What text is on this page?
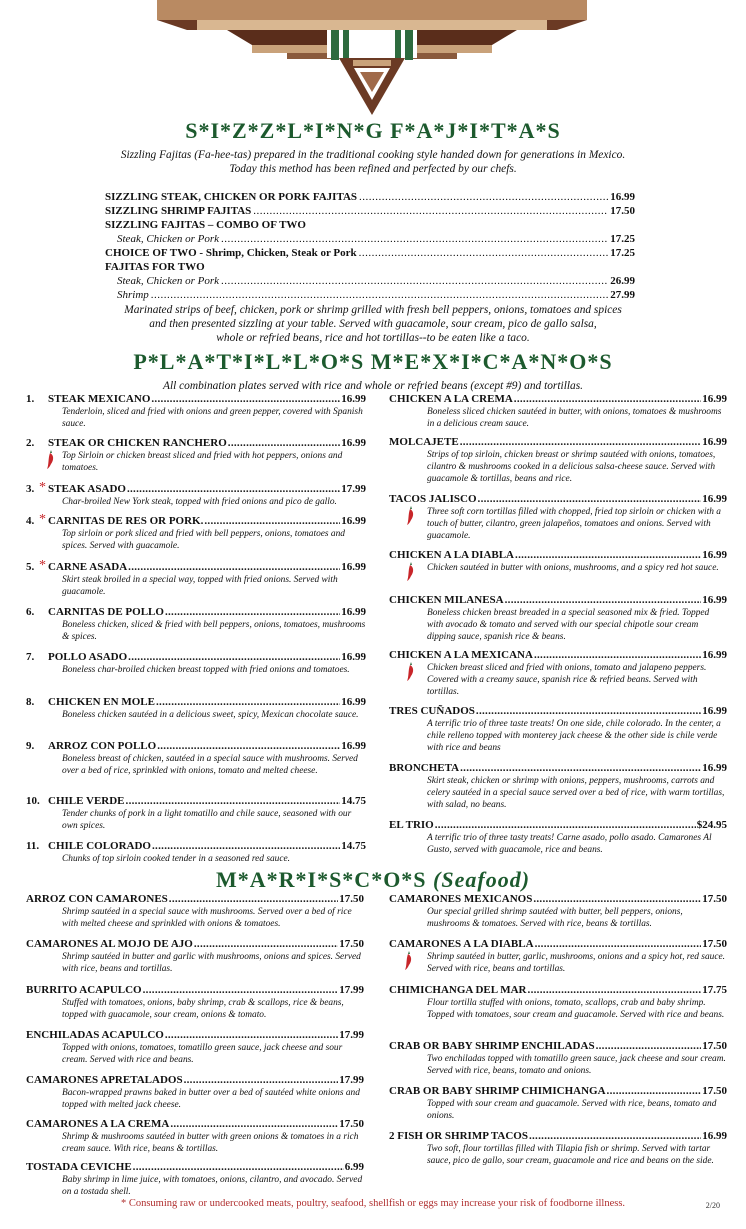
S*I*Z*Z*L*I*N*G F*A*J*I*T*A*S
Sizzling Fajitas (Fa-hee-tas) prepared in the traditional cooking style handed down for generations in Mexico.
Today this method has been refined and perfected by our chefs.
SIZZLING STEAK, CHICKEN OR PORK FAJITAS .....	16.99
SIZZLING SHRIMP FAJITAS .....	17.50
SIZZLING FAJITAS – COMBO OF TWO
Steak, Chicken or Pork .....	17.25
CHOICE OF TWO - Shrimp, Chicken, Steak or Pork .....	17.25
FAJITAS FOR TWO
Steak, Chicken or Pork .....	26.99
Shrimp .....	27.99
Marinated strips of beef, chicken, pork or shrimp grilled with fresh bell peppers, onions, tomatoes and spices
and then presented sizzling at your table. Served with guacamole, sour cream, pico de gallo salsa,
whole or refried beans, rice and hot tortillas--to be eaten like a taco.
P*L*A*T*I*L*L*O*S M*E*X*I*C*A*N*O*S
All combination plates served with rice and whole or refried beans (except #9) and tortillas.
M*A*R*I*S*C*O*S (Seafood)
* Consuming raw or undercooked meats, poultry, seafood, shellfish or eggs may increase your risk of foodborne illness.	2/20
1. STEAK MEXICANO .....	16.99
Tenderloin, sliced and fried with onions and green pepper, covered with Spanish sauce.
2. STEAK OR CHICKEN RANCHERO .....	16.99
Top Sirloin or chicken breast sliced and fried with hot peppers, onions and tomatoes.
3. * STEAK ASADO .....	17.99
Char-broiled New York steak, topped with fried onions and pico de gallo.
4. * CARNITAS DE RES OR PORK. .....	16.99
Top sirloin or pork sliced and fried with bell peppers, onions, tomatoes and spices. Served with guacamole.
5. * CARNE ASADA .....	16.99
Skirt steak broiled in a special way, topped with fried onions. Served with guacamole.
6. CARNITAS DE POLLO .....	16.99
Boneless chicken, sliced & fried with bell peppers, onions, tomatoes, mushrooms & spices.
7. POLLO ASADO .....	16.99
Boneless char-broiled chicken breast topped with fried onions and tomatoes.
8. CHICKEN EN MOLE .....	16.99
Boneless chicken sautéed in a delicious sweet, spicy, Mexican chocolate sauce.
9. ARROZ CON POLLO .....	16.99
Boneless breast of chicken, sautéed in a special sauce with mushrooms. Served over a bed of rice, sprinkled with onions, tomato and melted cheese.
10. CHILE VERDE .....	14.75
Tender chunks of pork in a light tomatillo and chile sauce, seasoned with our own spices.
11. CHILE COLORADO .....	14.75
Chunks of top sirloin cooked tender in a seasoned red sauce.
CHICKEN A LA CREMA .....	16.99
Boneless sliced chicken sautéed in butter, with onions, tomatoes & mushrooms in a delicious cream sauce.
MOLCAJETE .....	16.99
Strips of top sirloin, chicken breast or shrimp sautéed with onions, tomatoes, cilantro & mushrooms cooked in a delicious salsa-cheese sauce. Served with guacamole & tortillas, beans and rice.
TACOS JALISCO .....	16.99
Three soft corn tortillas filled with chopped, fried top sirloin or chicken with a touch of butter, cilantro, green jalapeños, tomatoes and onions. Served with guacamole.
CHICKEN A LA DIABLA .....	16.99
Chicken sautéed in butter with onions, mushrooms, and a spicy red hot sauce.
CHICKEN MILANESA .....	16.99
Boneless chicken breast breaded in a special seasoned mix & fried. Topped with avocado & tomato and served with our special chipotle sour cream dipping sauce, spanish rice & beans.
CHICKEN A LA MEXICANA .....	16.99
Chicken breast sliced and fried with onions, tomato and jalapeno peppers. Covered with a creamy sauce, spanish rice & refried beans. Served with tortillas.
TRES CUÑADOS .....	16.99
A terrific trio of three taste treats! On one side, chile colorado. In the center, a chile relleno topped with monterey jack cheese & the other side is chile verde with rice and beans
BRONCHETA .....	16.99
Skirt steak, chicken or shrimp with onions, peppers, mushrooms, carrots and celery sautéed in a special sauce served over a bed of rice, with warm tortillas, with salad, no beans.
EL TRIO .....	$24.95
A terrific trio of three tasty treats! Carne asado, pollo asado. Camarones Al Gusto, served with guacamole, rice and beans.
ARROZ CON CAMARONES .....	17.50
Shrimp sautéed in a special sauce with mushrooms. Served over a bed of rice with melted cheese and sprinkled with onions & tomatoes.
CAMARONES AL MOJO DE AJO .....	17.50
Shrimp sautéed in butter and garlic with mushrooms, onions and spices. Served with rice, beans and tortillas.
BURRITO ACAPULCO .....	17.99
Stuffed with tomatoes, onions, baby shrimp, crab & scallops, rice & beans, topped with guacamole, sour cream, onions & tomato.
ENCHILADAS ACAPULCO .....	17.99
Topped with onions, tomatoes, tomatillo green sauce, jack cheese and sour cream. Served with rice and beans.
CAMARONES APRETALADOS .....	17.99
Bacon-wrapped prawns baked in butter over a bed of sautéed white onions and topped with melted jack cheese.
CAMARONES A LA CREMA .....	17.50
Shrimp & mushrooms sautéed in butter with green onions & tomatoes in a rich cream sauce. With rice, beans & tortillas.
TOSTADA CEVICHE .....	6.99
Baby shrimp in lime juice, with tomatoes, onions, cilantro, and avocado. Served on a tostada shell.
CAMARONES MEXICANOS .....	17.50
Our special grilled shrimp sautéed with butter, bell peppers, onions, mushrooms & tomatoes. Served with rice, beans & tortillas.
CAMARONES A LA DIABLA .....	17.50
Shrimp sautéed in butter, garlic, mushrooms, onions and a spicy hot, red sauce. Served with rice, beans and tortillas.
CHIMICHANGA DEL MAR .....	17.75
Flour tortilla stuffed with onions, tomato, scallops, crab and baby shrimp. Topped with tomatoes, sour cream and guacamole. Served with rice and beans.
CRAB OR BABY SHRIMP ENCHILADAS .....	17.50
Two enchiladas topped with tomatillo green sauce, jack cheese and sour cream. Served with rice, beans, tomato and onions.
CRAB OR BABY SHRIMP CHIMICHANGA .....	17.50
Topped with sour cream and guacamole. Served with rice, beans, tomato and onions.
2 FISH OR SHRIMP TACOS .....	16.99
Two soft, flour tortillas filled with Tilapia fish or shrimp. Served with tartar sauce, pico de gallo, sour cream, guacamole and rice and beans on the side.
